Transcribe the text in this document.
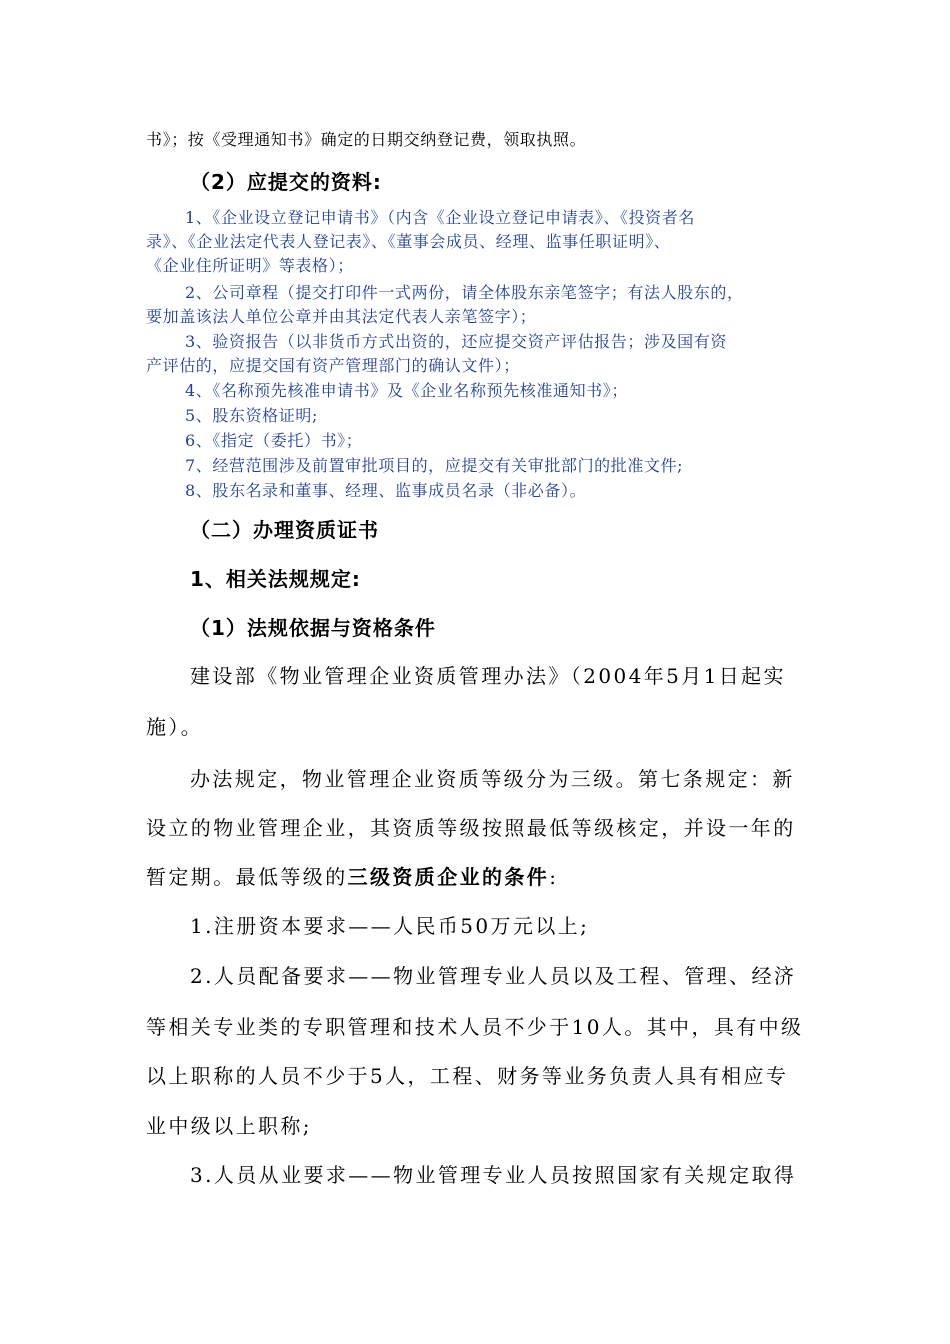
书》；按《受理通知书》确定的日期交纳登记费，领取执照。
（2）应提交的资料:
1、《企业设立登记申请书》（内含《企业设立登记申请表》、《投资者名
录》、《企业法定代表人登记表》、《董事会成员、经理、监事任职证明》、
《企业住所证明》等表格）；
2、公司章程（提交打印件一式两份，请全体股东亲笔签字；有法人股东的，
要加盖该法人单位公章并由其法定代表人亲笔签字）；
3、验资报告（以非货币方式出资的，还应提交资产评估报告；涉及国有资
产评估的，应提交国有资产管理部门的确认文件）；
4、《名称预先核准申请书》及《企业名称预先核准通知书》；
5、股东资格证明;
6、《指定（委托）书》；
7、经营范围涉及前置审批项目的，应提交有关审批部门的批准文件;
8、股东名录和董事、经理、监事成员名录（非必备）。
（二）办理资质证书
1、相关法规规定:
（1）法规依据与资格条件
建设部《物业管理企业资质管理办法》（2004年5月1日起实
施）。
办法规定，物业管理企业资质等级分为三级。第七条规定：新
设立的物业管理企业，其资质等级按照最低等级核定，并设一年的
暂定期。最低等级的三级资质企业的条件:
1.注册资本要求——人民币50万元以上;
2.人员配备要求——物业管理专业人员以及工程、管理、经济
等相关专业类的专职管理和技术人员不少于10人。其中，具有中级
以上职称的人员不少于5人，工程、财务等业务负责人具有相应专
业中级以上职称;
3.人员从业要求——物业管理专业人员按照国家有关规定取得
